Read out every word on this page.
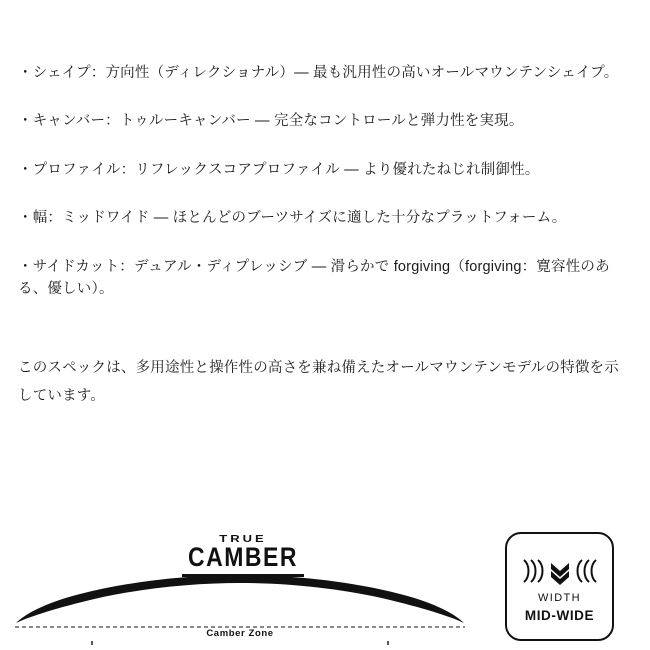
・シェイプ：方向性（ディレクショナル）— 最も汎用性の高いオールマウンテンシェイプ。
・キャンバー：トゥルーキャンバー — 完全なコントロールと弾力性を実現。
・プロファイル：リフレックスコアプロファイル — より優れたねじれ制御性。
・幅：ミッドワイド — ほとんどのブーツサイズに適した十分なプラットフォーム。
・サイドカット：デュアル・ディプレッシブ — 滑らかで forgiving（forgiving：寛容性のある、優しい）。
このスペックは、多用途性と操作性の高さを兼ね備えたオールマウンテンモデルの特徴を示しています。
TRUE
CAMBER
Camber Zone
WIDTH
MID-WIDE
